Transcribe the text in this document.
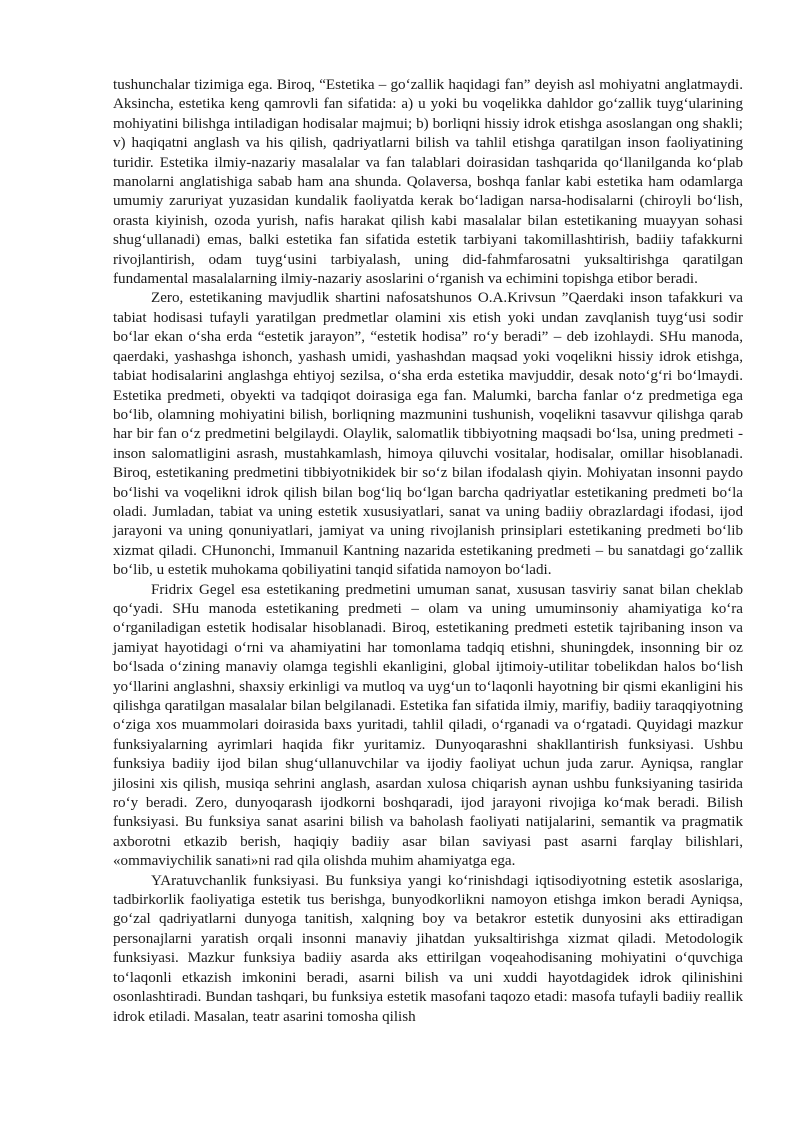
tushunchalar tizimiga ega. Biroq, “Estetika – go‘zallik haqidagi fan” deyish asl mohiyatni anglatmaydi. Aksincha, estetika keng qamrovli fan sifatida: a) u yoki bu voqelikka dahldor go‘zallik tuyg‘ularining mohiyatini bilishga intiladigan hodisalar majmui; b) borliqni hissiy idrok etishga asoslangan ong shakli; v) haqiqatni anglash va his qilish, qadriyatlarni bilish va tahlil etishga qaratilgan inson faoliyatining turidir. Estetika ilmiy-nazariy masalalar va fan talablari doirasidan tashqarida qo‘llanilganda ko‘plab manolarni anglatishiga sabab ham ana shunda. Qolaversa, boshqa fanlar kabi estetika ham odamlarga umumiy zaruriyat yuzasidan kundalik faoliyatda kerak bo‘ladigan narsa-hodisalarni (chiroyli bo‘lish, orasta kiyinish, ozoda yurish, nafis harakat qilish kabi masalalar bilan estetikaning muayyan sohasi shug‘ullanadi) emas, balki estetika fan sifatida estetik tarbiyani takomillashtirish, badiiy tafakkurni rivojlantirish, odam tuyg‘usini tarbiyalash, uning did-fahmfarosatni yuksaltirishga qaratilgan fundamental masalalarning ilmiy-nazariy asoslarini o‘rganish va echimini topishga etibor beradi.

Zero, estetikaning mavjudlik shartini nafosatshunos O.A.Krivsun ”Qaerdaki inson tafakkuri va tabiat hodisasi tufayli yaratilgan predmetlar olamini xis etish yoki undan zavqlanish tuyg‘usi sodir bo‘lar ekan o‘sha erda “estetik jarayon”, “estetik hodisa” ro‘y beradi” – deb izohlaydi. SHu manoda, qaerdaki, yashashga ishonch, yashash umidi, yashashdan maqsad yoki voqelikni hissiy idrok etishga, tabiat hodisalarini anglashga ehtiyoj sezilsa, o‘sha erda estetika mavjuddir, desak noto‘g‘ri bo‘lmaydi. Estetika predmeti, obyekti va tadqiqot doirasiga ega fan. Malumki, barcha fanlar o‘z predmetiga ega bo‘lib, olamning mohiyatini bilish, borliqning mazmunini tushunish, voqelikni tasavvur qilishga qarab har bir fan o‘z predmetini belgilaydi. Olaylik, salomatlik tibbiyotning maqsadi bo‘lsa, uning predmeti - inson salomatligini asrash, mustahkamlash, himoya qiluvchi vositalar, hodisalar, omillar hisoblanadi. Biroq, estetikaning predmetini tibbiyotnikidek bir so‘z bilan ifodalash qiyin. Mohiyatan insonni paydo bo‘lishi va voqelikni idrok qilish bilan bog‘liq bo‘lgan barcha qadriyatlar estetikaning predmeti bo‘la oladi. Jumladan, tabiat va uning estetik xususiyatlari, sanat va uning badiiy obrazlardagi ifodasi, ijod jarayoni va uning qonuniyatlari, jamiyat va uning rivojlanish prinsiplari estetikaning predmeti bo‘lib xizmat qiladi. CHunonchi, Immanuil Kantning nazarida estetikaning predmeti – bu sanatdagi go‘zallik bo‘lib, u estetik muhokama qobiliyatini tanqid sifatida namoyon bo‘ladi.

Fridrix Gegel esa estetikaning predmetini umuman sanat, xususan tasviriy sanat bilan cheklab qo‘yadi. SHu manoda estetikaning predmeti – olam va uning umuminsoniy ahamiyatiga ko‘ra o‘rganiladigan estetik hodisalar hisoblanadi. Biroq, estetikaning predmeti estetik tajribaning inson va jamiyat hayotidagi o‘rni va ahamiyatini har tomonlama tadqiq etishni, shuningdek, insonning bir oz bo‘lsada o‘zining manaviy olamga tegishli ekanligini, global ijtimoiy-utilitar tobelikdan halos bo‘lish yo‘llarini anglashni, shaxsiy erkinligi va mutloq va uyg‘un to‘laqonli hayotning bir qismi ekanligini his qilishga qaratilgan masalalar bilan belgilanadi. Estetika fan sifatida ilmiy, marifiy, badiiy taraqqiyotning o‘ziga xos muammolari doirasida baxs yuritadi, tahlil qiladi, o‘rganadi va o‘rgatadi. Quyidagi mazkur funksiyalarning ayrimlari haqida fikr yuritamiz. Dunyoqarashni shakllantirish funksiyasi. Ushbu funksiya badiiy ijod bilan shug‘ullanuvchilar va ijodiy faoliyat uchun juda zarur. Ayniqsa, ranglar jilosini xis qilish, musiqa sehrini anglash, asardan xulosa chiqarish aynan ushbu funksiyaning tasirida ro‘y beradi. Zero, dunyoqarash ijodkorni boshqaradi, ijod jarayoni rivojiga ko‘mak beradi. Bilish funksiyasi. Bu funksiya sanat asarini bilish va baholash faoliyati natijalarini, semantik va pragmatik axborotni etkazib berish, haqiqiy badiiy asar bilan saviyasi past asarni farqlay bilishlari, «ommaviychilik sanati»ni rad qila olishda muhim ahamiyatga ega.

YAratuvchanlik funksiyasi. Bu funksiya yangi ko‘rinishdagi iqtisodiyotning estetik asoslariga, tadbirkorlik faoliyatiga estetik tus berishga, bunyodkorlikni namoyon etishga imkon beradi Ayniqsa, go‘zal qadriyatlarni dunyoga tanitish, xalqning boy va betakror estetik dunyosini aks ettiradigan personajlarni yaratish orqali insonni manaviy jihatdan yuksaltirishga xizmat qiladi. Metodologik funksiyasi. Mazkur funksiya badiiy asarda aks ettirilgan voqeahodisaning mohiyatini o‘quvchiga to‘laqonli etkazish imkonini beradi, asarni bilish va uni xuddi hayotdagidek idrok qilinishini osonlashtiradi. Bundan tashqari, bu funksiya estetik masofani taqozo etadi: masofa tufayli badiiy reallik idrok etiladi. Masalan, teatr asarini tomosha qilish
